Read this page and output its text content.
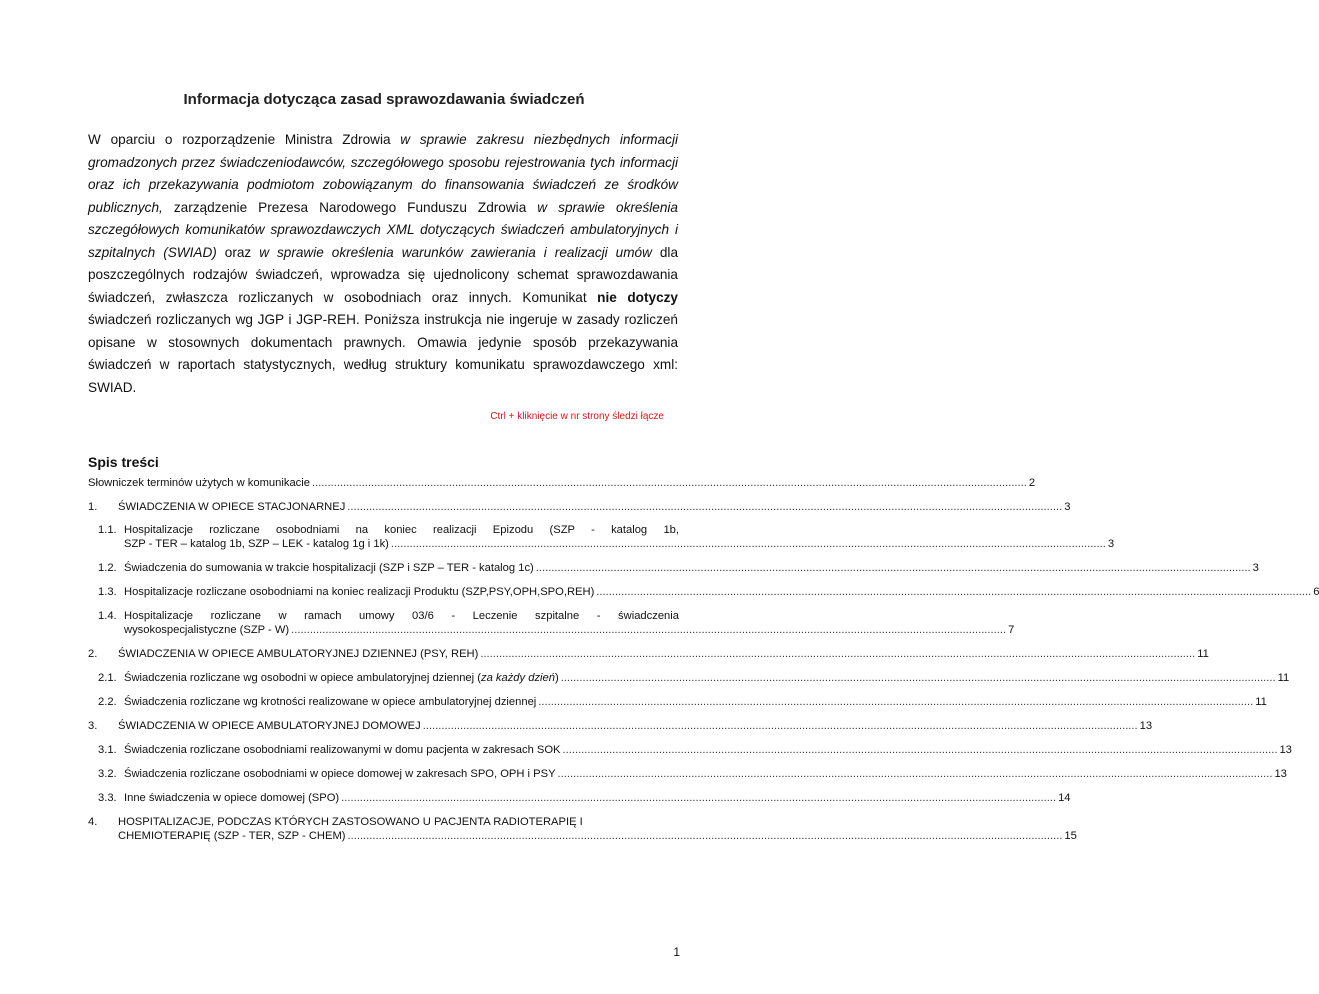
Informacja dotycząca zasad sprawozdawania świadczeń
W oparciu o rozporządzenie Ministra Zdrowia w sprawie zakresu niezbędnych informacji gromadzonych przez świadczeniodawców, szczegółowego sposobu rejestrowania tych informacji oraz ich przekazywania podmiotom zobowiązanym do finansowania świadczeń ze środków publicznych, zarządzenie Prezesa Narodowego Funduszu Zdrowia w sprawie określenia szczegółowych komunikatów sprawozdawczych XML dotyczących świadczeń ambulatoryjnych i szpitalnych (SWIAD) oraz w sprawie określenia warunków zawierania i realizacji umów dla poszczególnych rodzajów świadczeń, wprowadza się ujednolicony schemat sprawozdawania świadczeń, zwłaszcza rozliczanych w osobodniach oraz innych. Komunikat nie dotyczy świadczeń rozliczanych wg JGP i JGP-REH. Poniższa instrukcja nie ingeruje w zasady rozliczeń opisane w stosownych dokumentach prawnych. Omawia jedynie sposób przekazywania świadczeń w raportach statystycznych, według struktury komunikatu sprawozdawczego xml: SWIAD.
Ctrl + kliknięcie w nr strony śledzi łącze
Spis treści
Słowniczek terminów użytych w komunikacie .....	2
1.	ŚWIADCZENIA W OPIECE STACJONARNEJ .....	3
1.1. Hospitalizacje rozliczane osobodniami na koniec realizacji Epizodu (SZP - katalog 1b,
SZP - TER – katalog 1b, SZP – LEK - katalog 1g i 1k) .....	3
1.2. Świadczenia do sumowania w trakcie hospitalizacji (SZP i SZP – TER - katalog 1c) .....	3
1.3. Hospitalizacje rozliczane osobodniami na koniec realizacji Produktu (SZP,PSY,OPH,SPO,REH) .....	6
1.4. Hospitalizacje rozliczane w ramach umowy 03/6 - Leczenie szpitalne - świadczenia
wysokospecjalistyczne (SZP - W) .....	7
2.	ŚWIADCZENIA W OPIECE AMBULATORYJNEJ DZIENNEJ (PSY, REH) .....	11
2.1. Świadczenia rozliczane wg osobodni w opiece ambulatoryjnej dziennej (za każdy dzień) .....	11
2.2. Świadczenia rozliczane wg krotności realizowane w opiece ambulatoryjnej dziennej .....	11
3.	ŚWIADCZENIA W OPIECE AMBULATORYJNEJ DOMOWEJ .....	13
3.1. Świadczenia rozliczane osobodniami realizowanymi w domu pacjenta w zakresach SOK .....	13
3.2. Świadczenia rozliczane osobodniami w opiece domowej w zakresach SPO, OPH i PSY .....	13
3.3. Inne świadczenia w opiece domowej (SPO) .....	14
4.	HOSPITALIZACJE, PODCZAS KTÓRYCH ZASTOSOWANO U PACJENTA RADIOTERAPIĘ I
CHEMIOTERAPIĘ (SZP - TER, SZP - CHEM) .....	15
1
